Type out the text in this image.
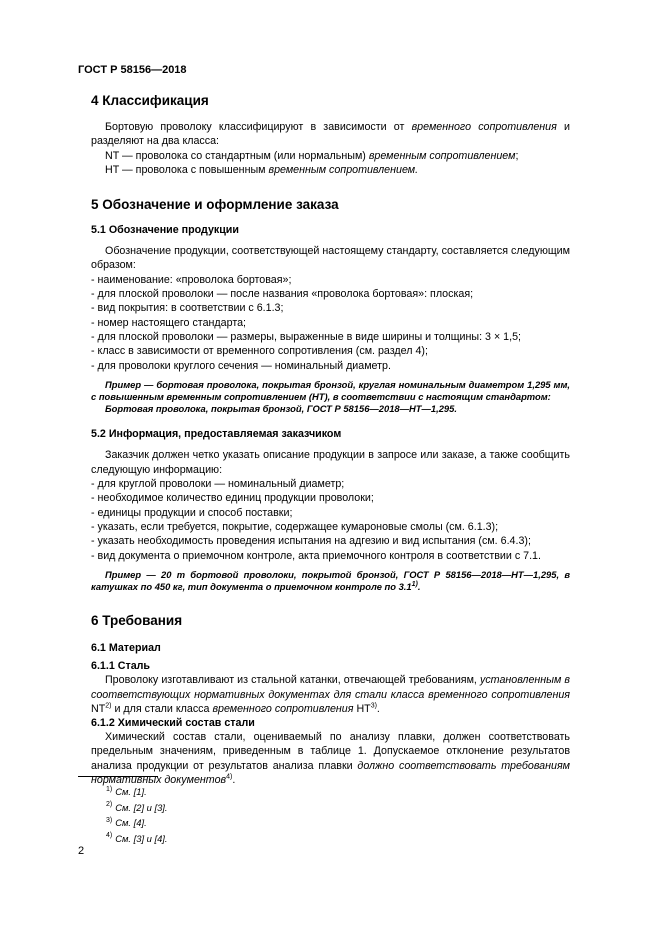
ГОСТ Р 58156—2018
4 Классификация

Бортовую проволоку классифицируют в зависимости от временного сопротивления и разделяют на два класса:

NT — проволока со стандартным (или нормальным) временным сопротивлением;

HT — проволока с повышенным временным сопротивлением.

5 Обозначение и оформление заказа
5.1 Обозначение продукции

Обозначение продукции, соответствующей настоящему стандарту, составляется следующим образом:

- наименование: «проволока бортовая»;
- для плоской проволоки — после названия «проволока бортовая»: плоская;
- вид покрытия: в соответствии с 6.1.3;
- номер настоящего стандарта;
- для плоской проволоки — размеры, выраженные в виде ширины и толщины: 3 × 1,5;
- класс в зависимости от временного сопротивления (см. раздел 4);
- для проволоки круглого сечения — номинальный диаметр.
Пример — бортовая проволока, покрытая бронзой, круглая номинальным диаметром 1,295 мм, с повышенным временным сопротивлением (НТ), в соответствии с настоящим стандартом:
Бортовая проволока, покрытая бронзой, ГОСТ Р 58156—2018—НТ—1,295.
5.2 Информация, предоставляемая заказчиком

Заказчик должен четко указать описание продукции в запросе или заказе, а также сообщить следующую информацию:

- для круглой проволоки — номинальный диаметр;
- необходимое количество единиц продукции проволоки;
- единицы продукции и способ поставки;
- указать, если требуется, покрытие, содержащее кумароновые смолы (см. 6.1.3);
- указать необходимость проведения испытания на адгезию и вид испытания (см. 6.4.3);
- вид документа о приемочном контроле, акта приемочного контроля в соответствии с 7.1.
Пример — 20 т бортовой проволоки, покрытой бронзой, ГОСТ Р 58156—2018—НТ—1,295, в катушках по 450 кг, тип документа о приемочном контроле по 3.1$^{1)}$.
6 Требования
6.1 Материал
6.1.1 Сталь

Проволоку изготавливают из стальной катанки, отвечающей требованиям, установленным в соответствующих нормативных документах для стали класса временного сопротивления NT$^{2)}$ и для стали класса временного сопротивления HT$^{3)}$.

6.1.2 Химический состав стали

Химический состав стали, оцениваемый по анализу плавки, должен соответствовать предельным значениям, приведенным в таблице 1. Допускаемое отклонение результатов анализа продукции от результатов анализа плавки должно соответствовать требованиям нормативных документов$^{4)}$.

$^{1)}$ См. [1].
$^{2)}$ См. [2] и [3].
$^{3)}$ См. [4].
$^{4)}$ См. [3] и [4].
2
